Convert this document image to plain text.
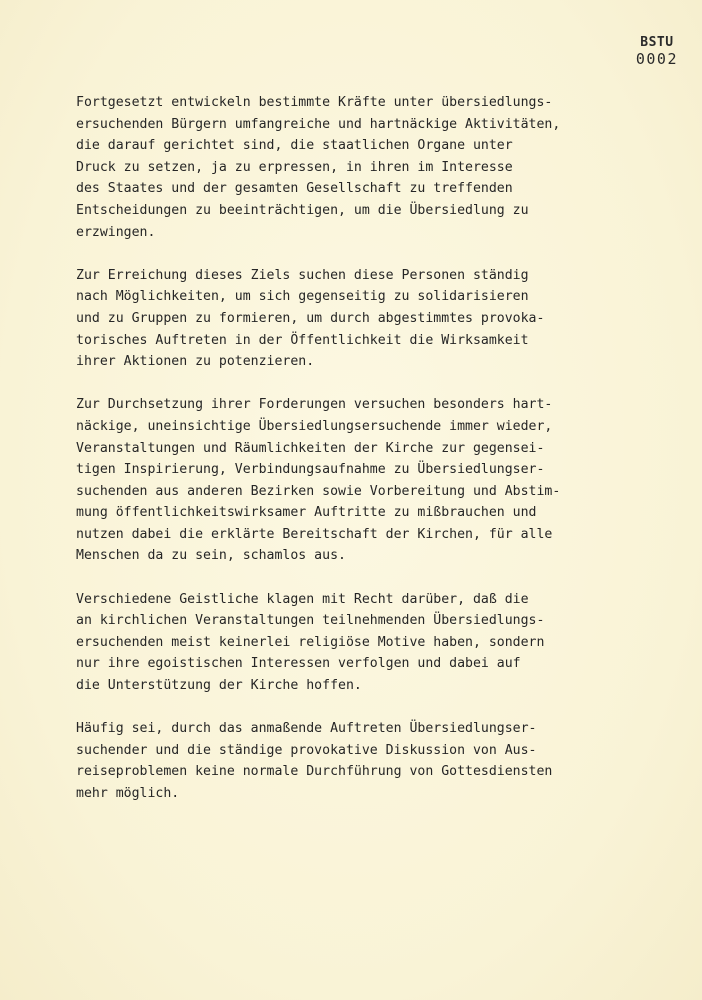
BSTU
0002

Fortgesetzt entwickeln bestimmte Kräfte unter übersiedlungs-
ersuchenden Bürgern umfangreiche und hartnäckige Aktivitäten,
die darauf gerichtet sind, die staatlichen Organe unter
Druck zu setzen, ja zu erpressen, in ihren im Interesse
des Staates und der gesamten Gesellschaft zu treffenden
Entscheidungen zu beeinträchtigen, um die Übersiedlung zu
erzwingen.

Zur Erreichung dieses Ziels suchen diese Personen ständig
nach Möglichkeiten, um sich gegenseitig zu solidarisieren
und zu Gruppen zu formieren, um durch abgestimmtes provoka-
torisches Auftreten in der Öffentlichkeit die Wirksamkeit
ihrer Aktionen zu potenzieren.

Zur Durchsetzung ihrer Forderungen versuchen besonders hart-
näckige, uneinsichtige Übersiedlungsersuchende immer wieder,
Veranstaltungen und Räumlichkeiten der Kirche zur gegensei-
tigen Inspirierung, Verbindungsaufnahme zu Übersiedlungser-
suchenden aus anderen Bezirken sowie Vorbereitung und Abstim-
mung öffentlichkeitswirksamer Auftritte zu mißbrauchen und
nutzen dabei die erklärte Bereitschaft der Kirchen, für alle
Menschen da zu sein, schamlos aus.

Verschiedene Geistliche klagen mit Recht darüber, daß die
an kirchlichen Veranstaltungen teilnehmenden Übersiedlungs-
ersuchenden meist keinerlei religiöse Motive haben, sondern
nur ihre egoistischen Interessen verfolgen und dabei auf
die Unterstützung der Kirche hoffen.

Häufig sei, durch das anmaßende Auftreten Übersiedlungser-
suchender und die ständige provokative Diskussion von Aus-
reiseproblemen keine normale Durchführung von Gottesdiensten
mehr möglich.
